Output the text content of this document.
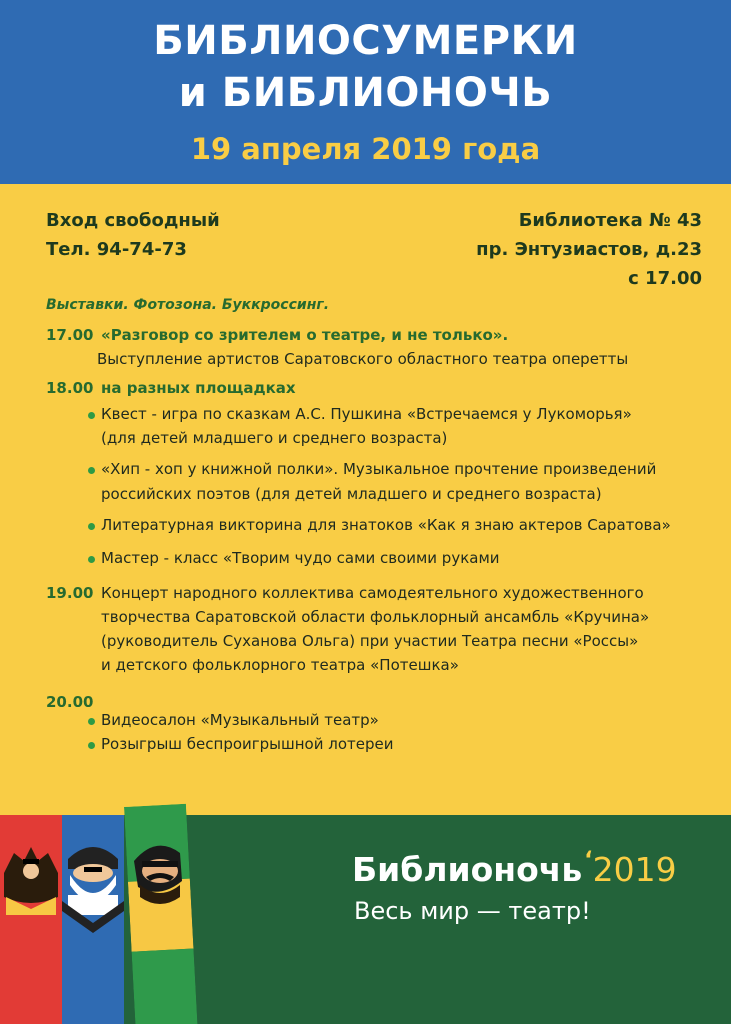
БИБЛИОСУМЕРКИ
и БИБЛИОНОЧЬ
19 апреля 2019 года
Вход свободный
Тел. 94-74-73
Библиотека № 43
пр. Энтузиастов, д.23
с 17.00
Выставки. Фотозона. Буккроссинг.
17.00 «Разговор со зрителем о театре, и не только».
Выступление артистов Саратовского областного театра оперетты
18.00 на разных площадках
Квест - игра по сказкам А.С. Пушкина «Встречаемся у Лукоморья»
(для детей младшего и среднего возраста)
«Хип - хоп у книжной полки». Музыкальное прочтение произведений
российских поэтов (для детей младшего и среднего возраста)
Литературная викторина для знатоков «Как я знаю актеров Саратова»
Мастер - класс «Творим чудо сами своими руками
19.00 Концерт народного коллектива самодеятельного художественного
творчества Саратовской области фольклорный ансамбль «Кручина»
(руководитель Суханова Ольга) при участии Театра песни «Россы»
и детского фольклорного театра «Потешка»
20.00
Видеосалон «Музыкальный театр»
Розыгрыш беспроигрышной лотереи
Библионочь‘2019
Весь мир — театр!
